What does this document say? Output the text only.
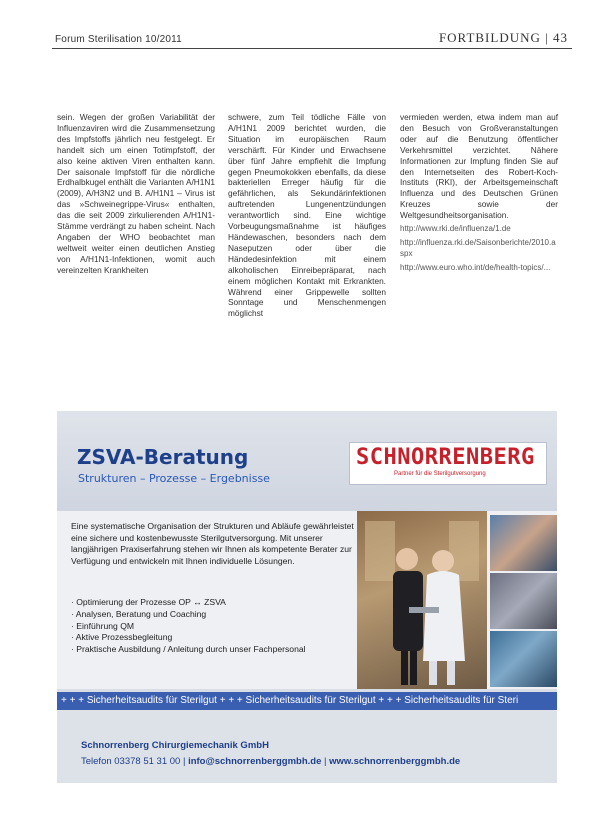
Forum Sterilisation 10/2011	FORTBILDUNG | 43

sein. Wegen der großen Variabilität der Influenzaviren wird die Zusammensetzung des Impfstoffs jährlich neu festgelegt. Er handelt sich um einen Totimpfstoff, der also keine aktiven Viren enthalten kann. Der saisonale Impfstoff für die nördliche Erdhalbkugel enthält die Varianten A/H1N1 (2009), A/H3N2 und B. A/H1N1 – Virus ist das »Schweinegrippe-Virus« enthalten, das die seit 2009 zirkulierenden A/H1N1-Stämme verdrängt zu haben scheint. Nach Angaben der WHO beobachtet man weltweit weiter einen deutlichen Anstieg von A/H1N1-Infektionen, womit auch vereinzelten Krankheiten

schwere, zum Teil tödliche Fälle von A/H1N1 2009 berichtet wurden, die Situation im europäischen Raum verschärft. Für Kinder und Erwachsene über fünf Jahre empfiehlt die Impfung gegen Pneumokokken ebenfalls, da diese bakteriellen Erreger häufig für die gefährlichen, als Sekundärinfektionen auftretenden Lungenentzündungen verantwortlich sind. Eine wichtige Vorbeugungsmaßnahme ist häufiges Händewaschen, besonders nach dem Naseputzen oder über die Händedesinfektion mit einem alkoholischen Einreibepräparat, nach einem möglichen Kontakt mit Erkrankten. Während einer Grippewelle sollten Sonntage und Menschenmengen möglichst

vermieden werden, etwa indem man auf den Besuch von Großveranstaltungen oder auf die Benutzung öffentlicher Verkehrsmittel verzichtet. Nähere Informationen zur Impfung finden Sie auf den Internetseiten des Robert-Koch-Instituts (RKI), der Arbeitsgemeinschaft Influenza und des Deutschen Grünen Kreuzes sowie der Weltgesundheitsorganisation.

http://www.rki.de/influenza/1.de
http://influenza.rki.de/Saisonberichte/2010.aspx
http://www.euro.who.int/de/health-topics/...
ZSVA-Beratung
Strukturen – Prozesse – Ergebnisse
SCHNORRENBERG
Partner für die Sterilgutversorgung
Eine systematische Organisation der Strukturen und Abläufe gewährleistet eine sichere und kostenbewusste Sterilgutversorgung. Mit unserer langjährigen Praxiserfahrung stehen wir Ihnen als kompetente Berater zur Verfügung und entwickeln mit Ihnen individuelle Lösungen.
· Optimierung der Prozesse OP ↔ ZSVA
· Analysen, Beratung und Coaching
· Einführung QM
· Aktive Prozessbegleitung
· Praktische Ausbildung / Anleitung durch unser Fachpersonal
+ + + Sicherheitsaudits für Sterilgut + + + Sicherheitsaudits für Sterilgut + + + Sicherheitsaudits für Steri
Schnorrenberg Chirurgiemechanik GmbH
Telefon 03378 51 31 00 | info@schnorrenberggmbh.de | www.schnorrenberggmbh.de
